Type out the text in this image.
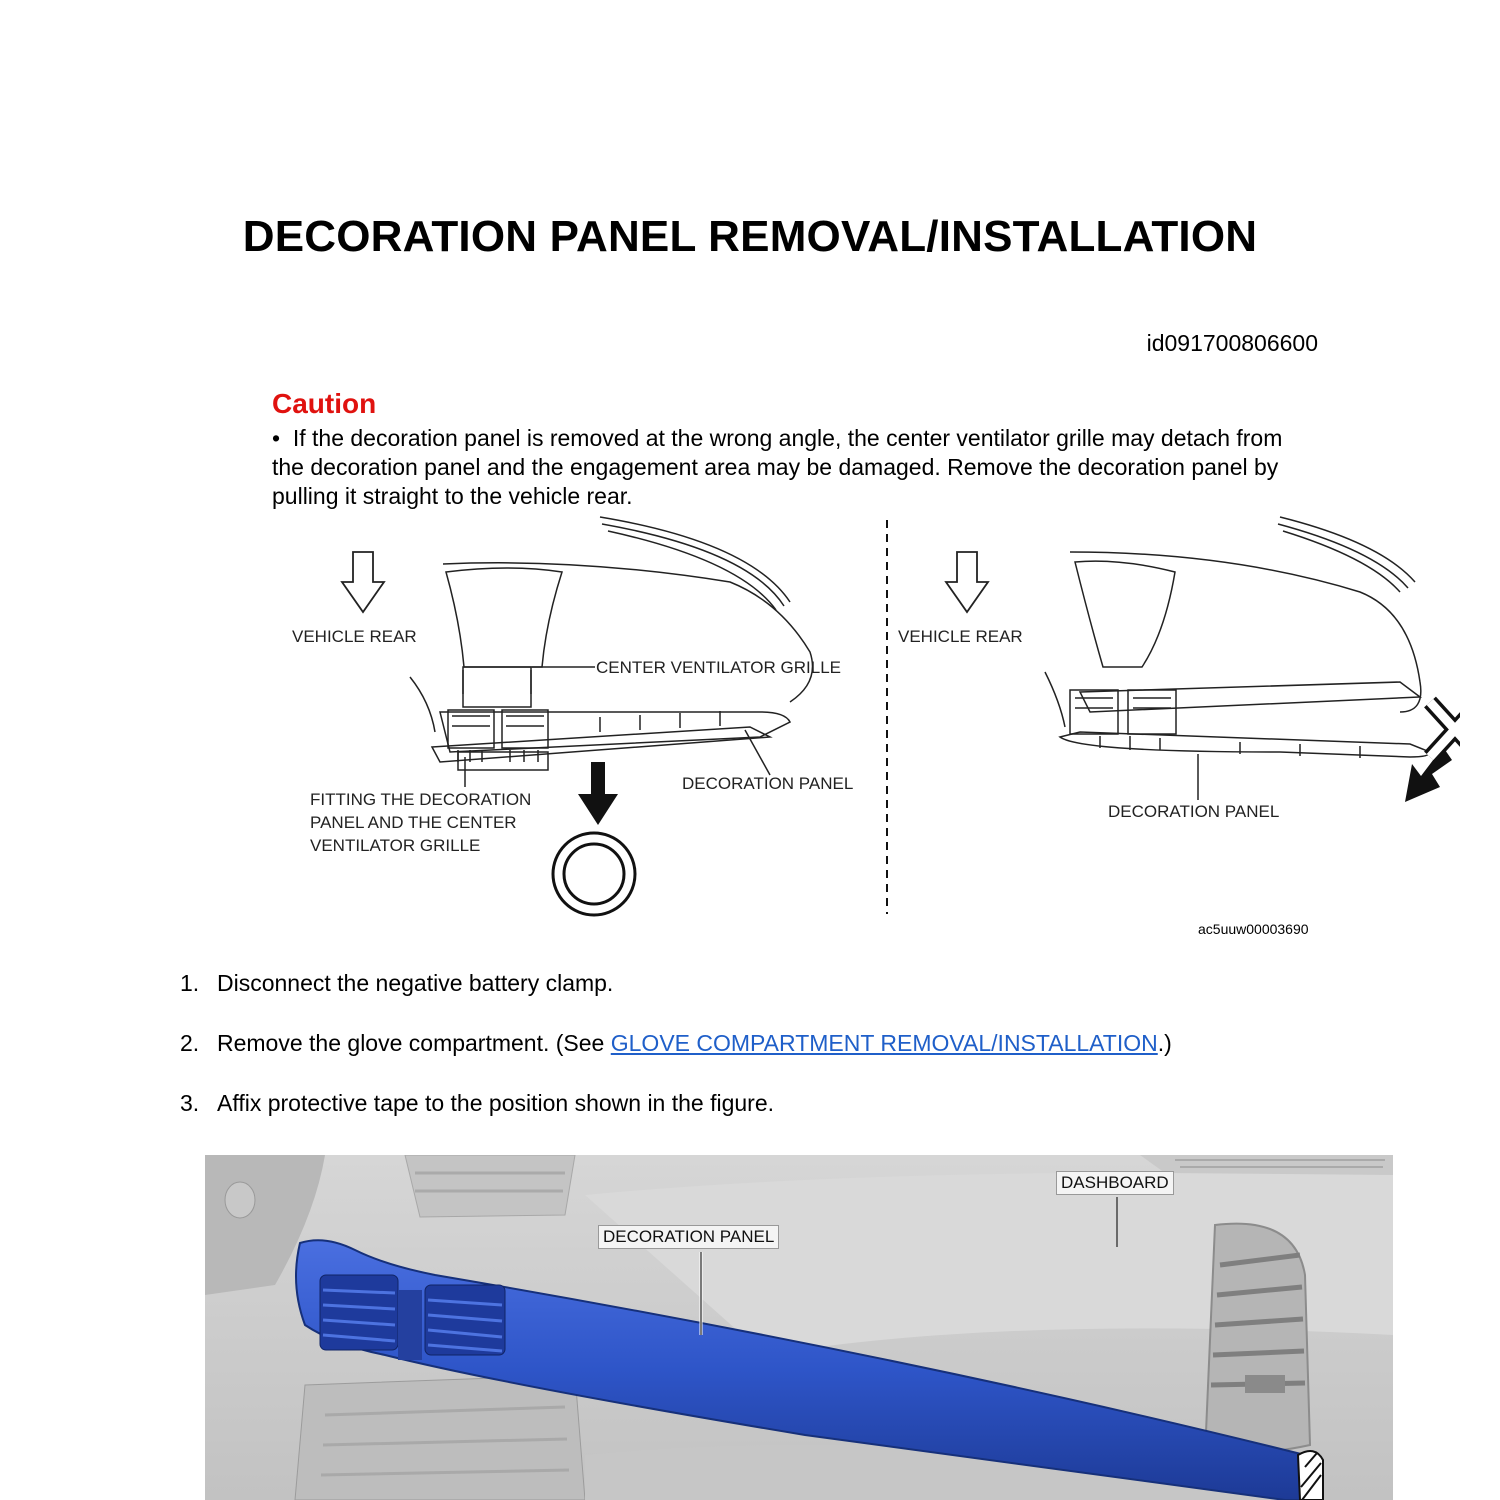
DECORATION PANEL REMOVAL/INSTALLATION
id091700806600
Caution
• If the decoration panel is removed at the wrong angle, the center ventilator grille may detach from the decoration panel and the engagement area may be damaged. Remove the decoration panel by pulling it straight to the vehicle rear.
VEHICLE REAR
CENTER VENTILATOR GRILLE
DECORATION PANEL
FITTING THE DECORATION
PANEL AND THE CENTER
VENTILATOR GRILLE
VEHICLE REAR
DECORATION PANEL
ac5uuw00003690
1. Disconnect the negative battery clamp.
2. Remove the glove compartment. (See GLOVE COMPARTMENT REMOVAL/INSTALLATION.)
3. Affix protective tape to the position shown in the figure.
DASHBOARD
DECORATION PANEL
